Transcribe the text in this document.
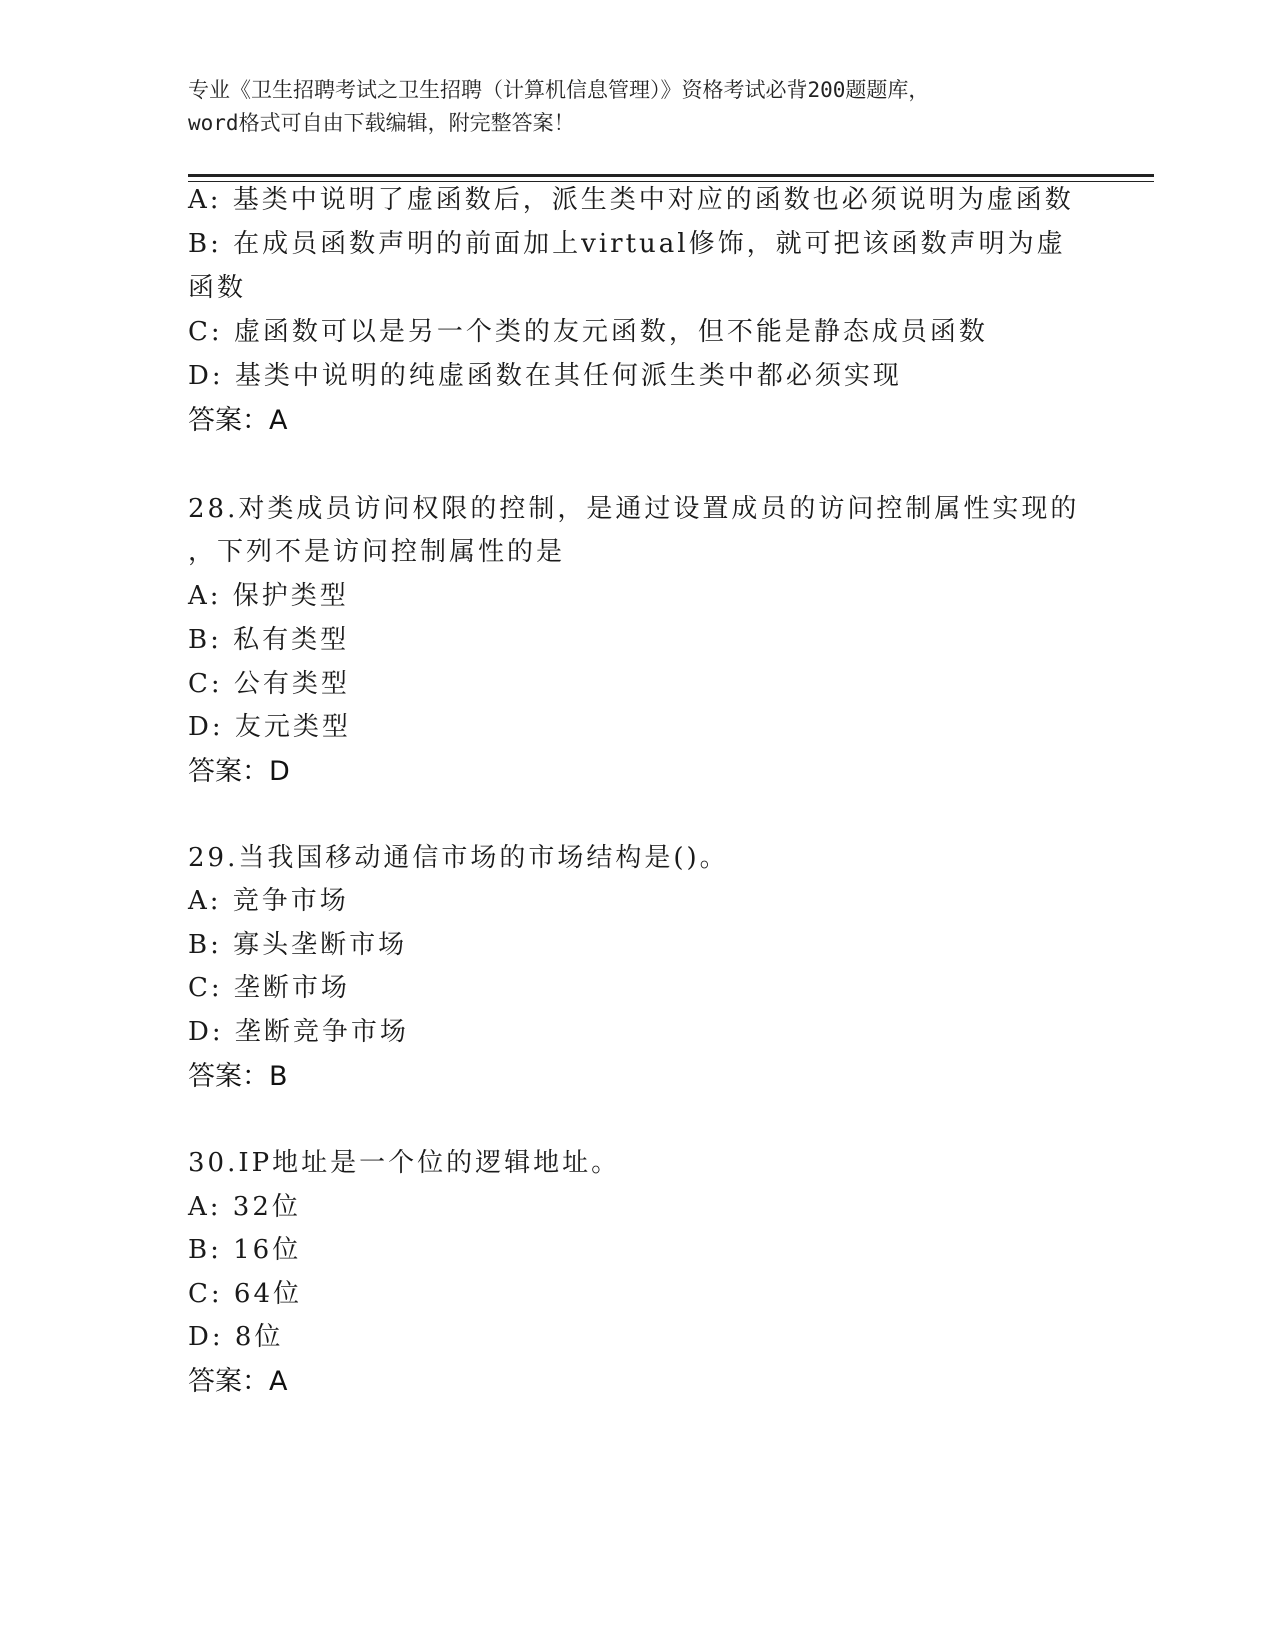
专业《卫生招聘考试之卫生招聘（计算机信息管理）》资格考试必背200题题库，
word格式可自由下载编辑，附完整答案！
A: 基类中说明了虚函数后，派生类中对应的函数也必须说明为虚函数
B: 在成员函数声明的前面加上virtual修饰，就可把该函数声明为虚
函数
C: 虚函数可以是另一个类的友元函数，但不能是静态成员函数
D: 基类中说明的纯虚函数在其任何派生类中都必须实现
答案：A
28.对类成员访问权限的控制，是通过设置成员的访问控制属性实现的
，下列不是访问控制属性的是
A: 保护类型
B: 私有类型
C: 公有类型
D: 友元类型
答案：D
29.当我国移动通信市场的市场结构是()。
A: 竞争市场
B: 寡头垄断市场
C: 垄断市场
D: 垄断竞争市场
答案：B
30.IP地址是一个位的逻辑地址。
A: 32位
B: 16位
C: 64位
D: 8位
答案：A
